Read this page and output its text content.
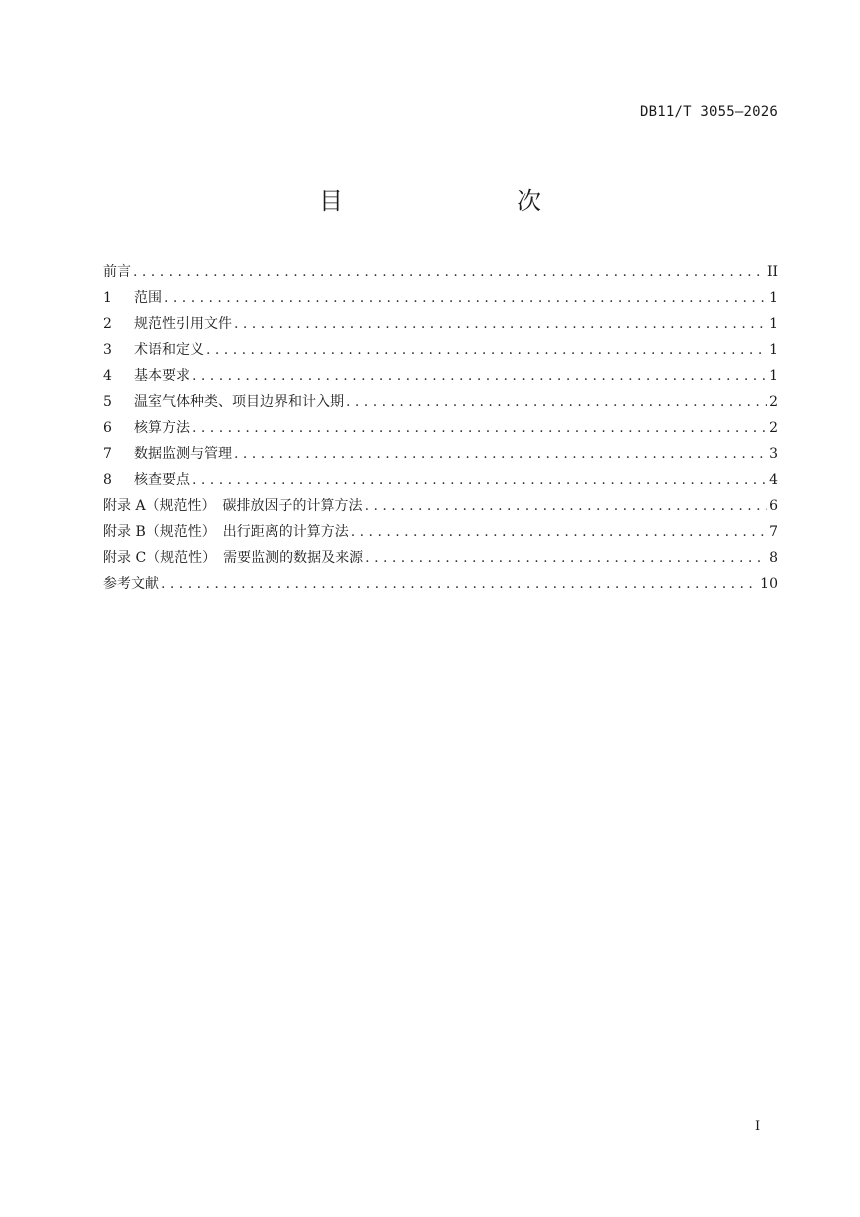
DB11/T 3055—2026
目　　次
前言 . . .	II
1	范围 . . .	1
2	规范性引用文件 . . .	1
3	术语和定义 . . .	1
4	基本要求 . . .	1
5	温室气体种类、项目边界和计入期 . . .	2
6	核算方法 . . .	2
7	数据监测与管理 . . .	3
8	核查要点 . . .	4
附录 A（规范性）　碳排放因子的计算方法 . . .	6
附录 B（规范性）　出行距离的计算方法 . . .	7
附录 C（规范性）　需要监测的数据及来源 . . .	8
参考文献 . . .	10
I
